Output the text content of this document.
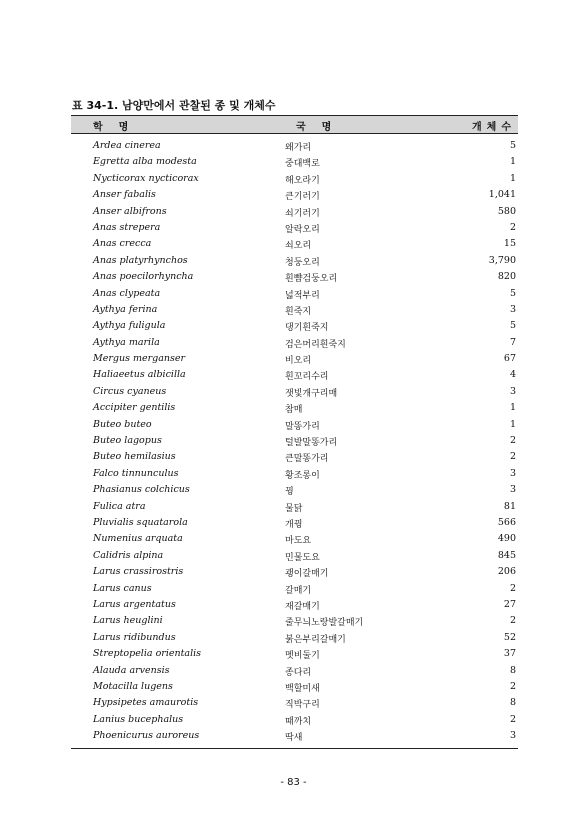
표 34-1. 남양만에서 관찰된 종 및 개체수
학명	국명	개체수
Ardea cinerea	왜가리	5
Egretta alba modesta	중대백로	1
Nycticorax nycticorax	해오라기	1
Anser fabalis	큰기러기	1,041
Anser albifrons	쇠기러기	580
Anas strepera	알락오리	2
Anas crecca	쇠오리	15
Anas platyrhynchos	청둥오리	3,790
Anas poecilorhyncha	흰뺨검둥오리	820
Anas clypeata	넓적부리	5
Aythya ferina	흰죽지	3
Aythya fuligula	댕기흰죽지	5
Aythya marila	검은머리흰죽지	7
Mergus merganser	비오리	67
Haliaeetus albicilla	흰꼬리수리	4
Circus cyaneus	잿빛개구리매	3
Accipiter gentilis	참매	1
Buteo buteo	말똥가리	1
Buteo lagopus	털발말똥가리	2
Buteo hemilasius	큰말똥가리	2
Falco tinnunculus	황조롱이	3
Phasianus colchicus	꿩	3
Fulica atra	물닭	81
Pluvialis squatarola	개꿩	566
Numenius arquata	마도요	490
Calidris alpina	민물도요	845
Larus crassirostris	괭이갈매기	206
Larus canus	갈매기	2
Larus argentatus	재갈매기	27
Larus heuglini	줄무늬노랑발갈매기	2
Larus ridibundus	붉은부리갈매기	52
Streptopelia orientalis	멧비둘기	37
Alauda arvensis	종다리	8
Motacilla lugens	백할미새	2
Hypsipetes amaurotis	직박구리	8
Lanius bucephalus	때까치	2
Phoenicurus auroreus	딱새	3
- 83 -
